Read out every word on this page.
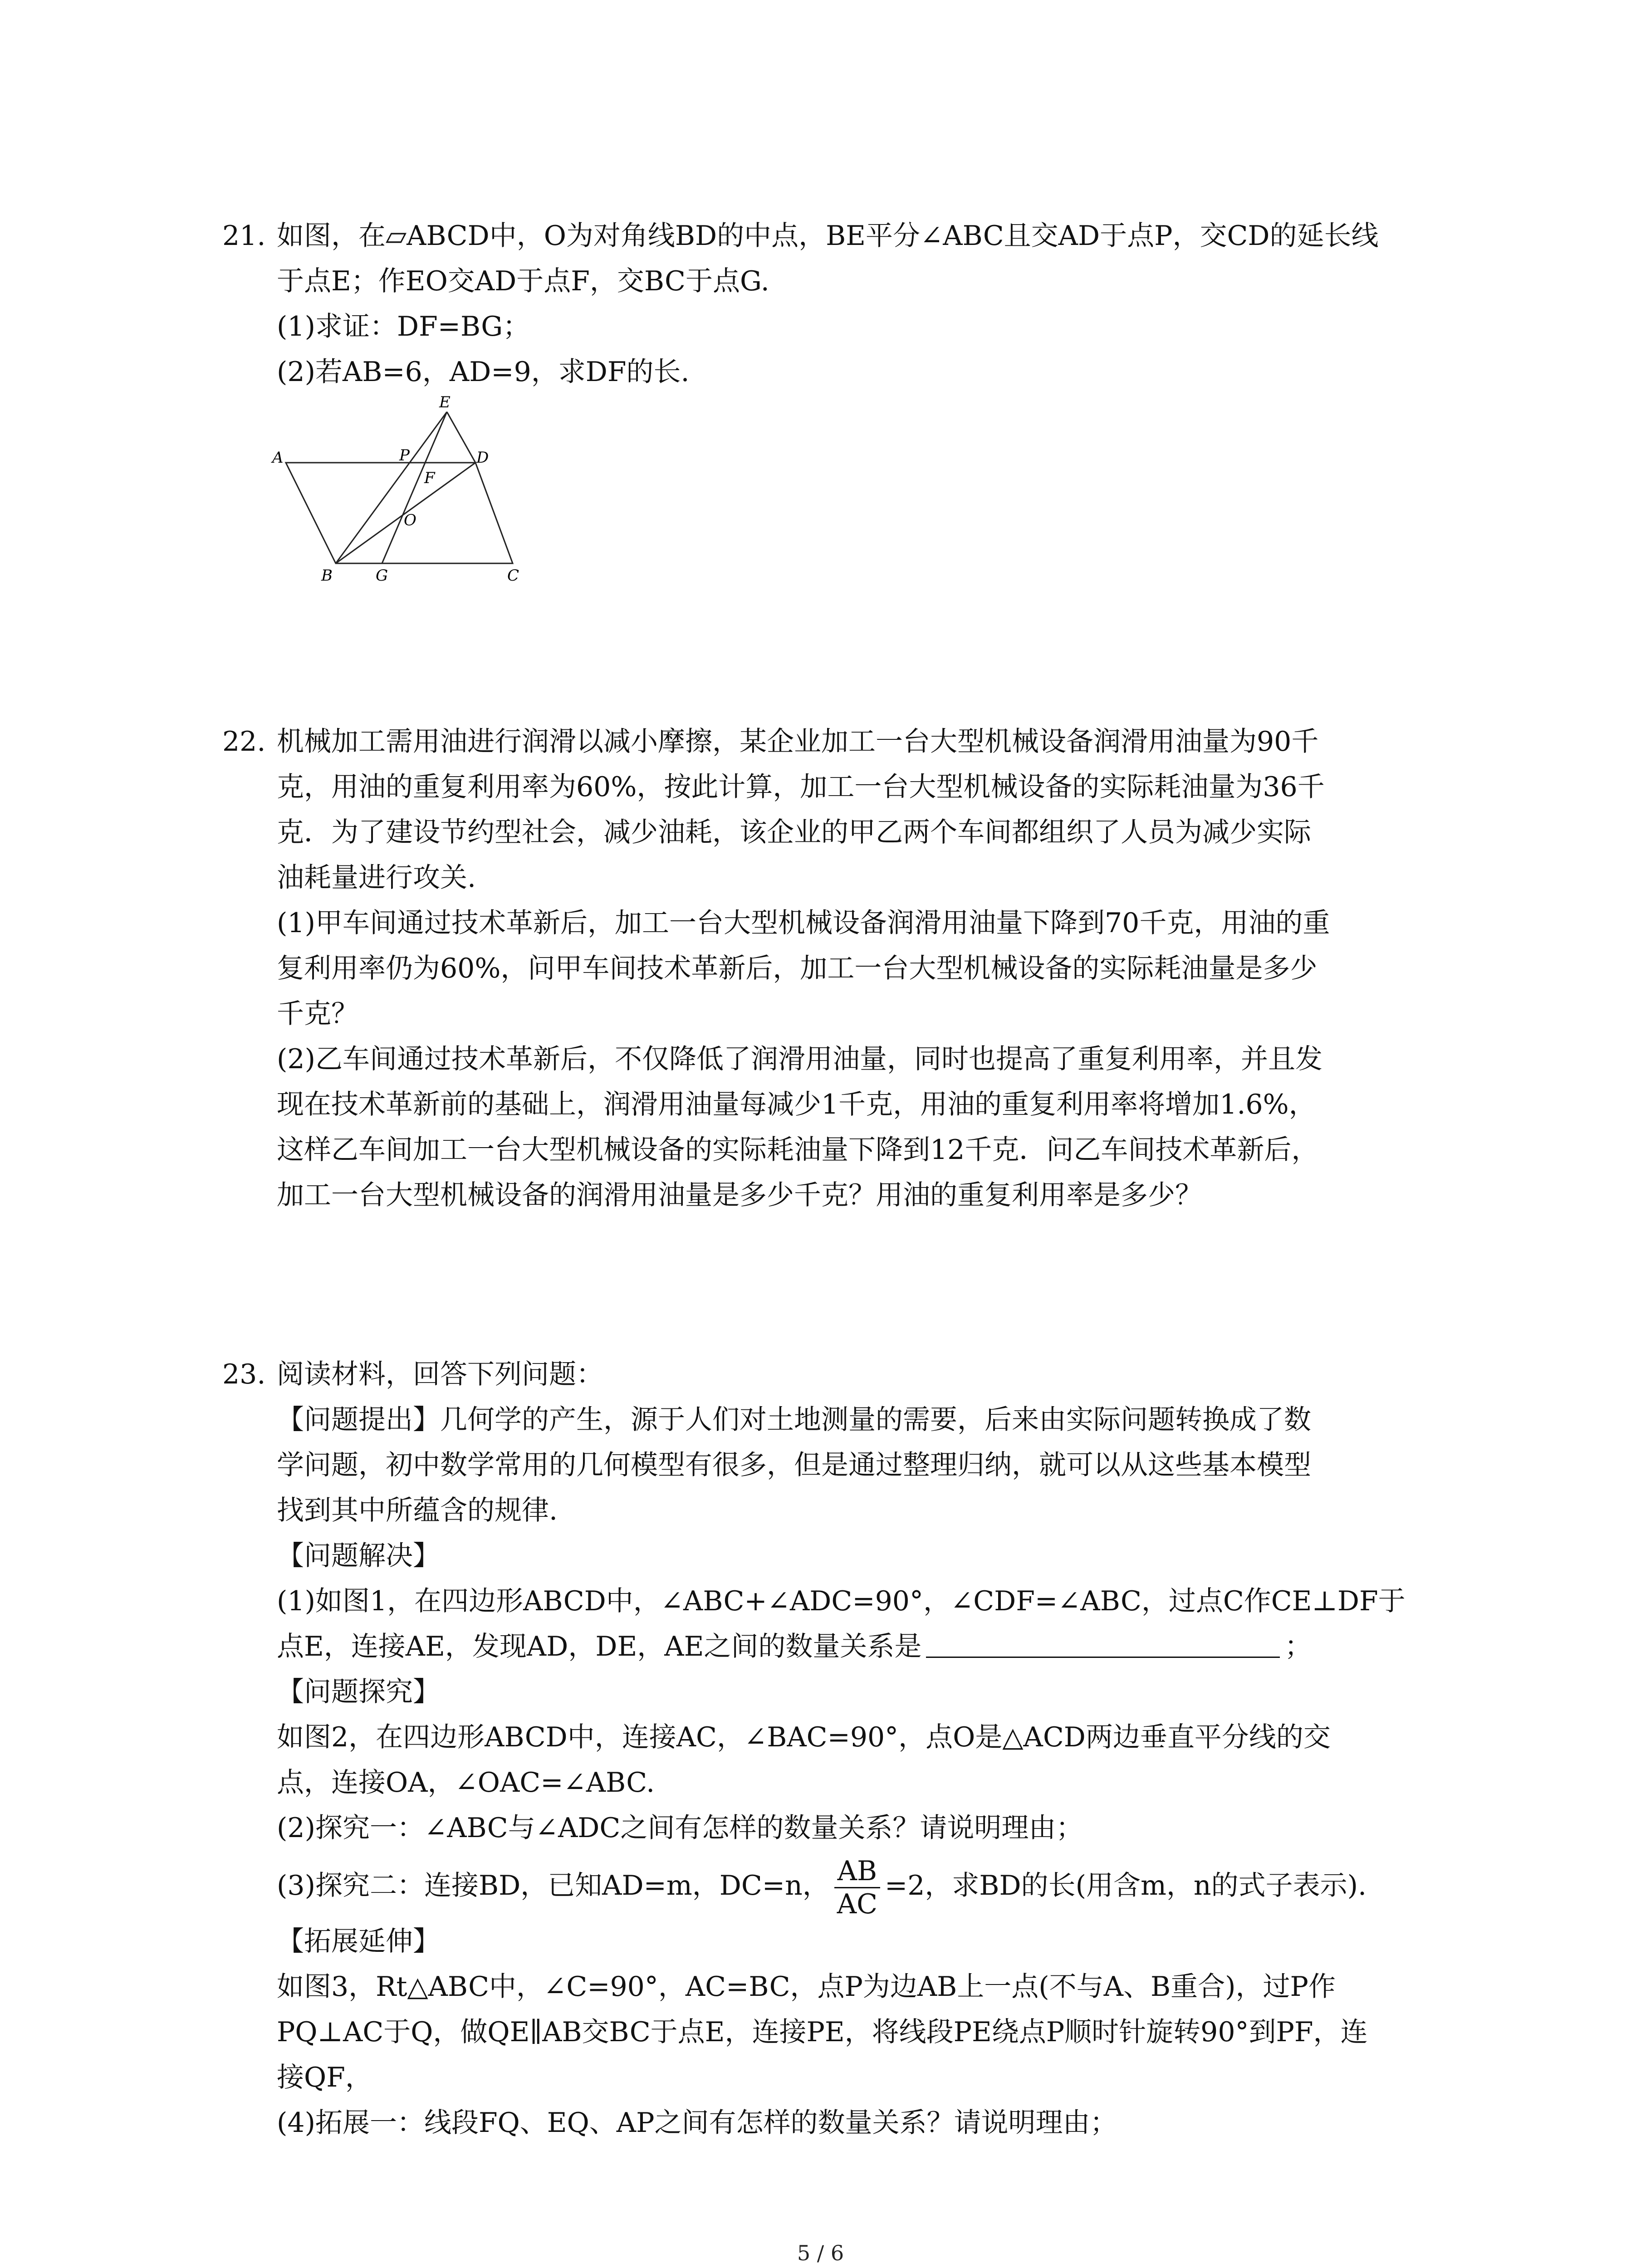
21. 如图，在▱ABCD中，O为对角线BD的中点，BE平分∠ABC且交AD于点P，交CD的延长线
于点E；作EO交AD于点F，交BC于点G.
(1)求证：DF=BG；
(2)若AB=6，AD=9，求DF的长.
E
A	P	D
F
O
B	G	C
22. 机械加工需用油进行润滑以减小摩擦，某企业加工一台大型机械设备润滑用油量为90千
克，用油的重复利用率为60%，按此计算，加工一台大型机械设备的实际耗油量为36千
克．为了建设节约型社会，减少油耗，该企业的甲乙两个车间都组织了人员为减少实际
油耗量进行攻关.
(1)甲车间通过技术革新后，加工一台大型机械设备润滑用油量下降到70千克，用油的重
复利用率仍为60%，问甲车间技术革新后，加工一台大型机械设备的实际耗油量是多少
千克？
(2)乙车间通过技术革新后，不仅降低了润滑用油量，同时也提高了重复利用率，并且发
现在技术革新前的基础上，润滑用油量每减少1千克，用油的重复利用率将增加1.6%，
这样乙车间加工一台大型机械设备的实际耗油量下降到12千克．问乙车间技术革新后，
加工一台大型机械设备的润滑用油量是多少千克？用油的重复利用率是多少？
23. 阅读材料，回答下列问题：
【问题提出】几何学的产生，源于人们对土地测量的需要，后来由实际问题转换成了数
学问题，初中数学常用的几何模型有很多，但是通过整理归纳，就可以从这些基本模型
找到其中所蕴含的规律.
【问题解决】
(1)如图1，在四边形ABCD中，∠ABC+∠ADC=90°，∠CDF=∠ABC，过点C作CE⊥DF于
点E，连接AE，发现AD，DE，AE之间的数量关系是	；
【问题探究】
如图2，在四边形ABCD中，连接AC，∠BAC=90°，点O是△ACD两边垂直平分线的交
点，连接OA，∠OAC=∠ABC.
(2)探究一：∠ABC与∠ADC之间有怎样的数量关系？请说明理由；
(3)探究二：连接BD，已知AD=m，DC=n， $\frac{AB}{AC} =2$，求BD的长(用含m，n的式子表示).
【拓展延伸】
如图3，Rt△ABC中，∠C=90°，AC=BC，点P为边AB上一点(不与A、B重合)，过P作
PQ⊥AC于Q，做QE∥AB交BC于点E，连接PE，将线段PE绕点P顺时针旋转90°到PF，连
接QF，
(4)拓展一：线段FQ、EQ、AP之间有怎样的数量关系？请说明理由；
5 / 6
